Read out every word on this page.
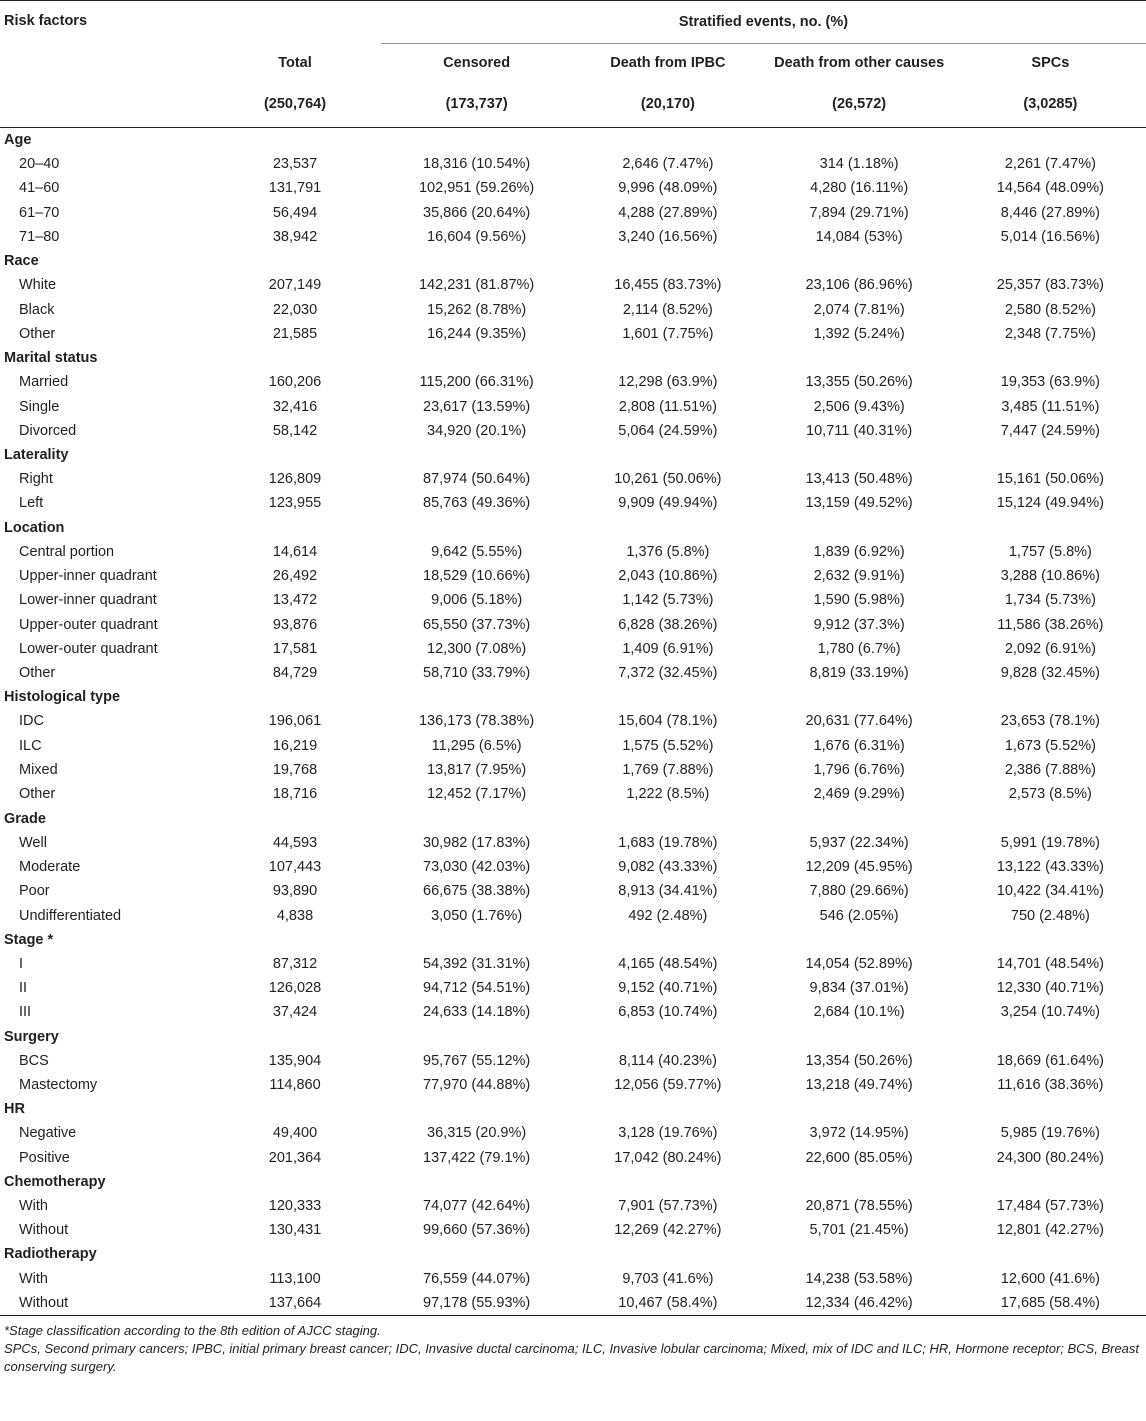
Risk factors		Stratified events, no. (%)			
	Total	Censored	Death from IPBC	Death from other causes	SPCs
	(250,764)	(173,737)	(20,170)	(26,572)	(3,0285)
Age					
20–40	23,537	18,316 (10.54%)	2,646 (7.47%)	314 (1.18%)	2,261 (7.47%)
41–60	131,791	102,951 (59.26%)	9,996 (48.09%)	4,280 (16.11%)	14,564 (48.09%)
61–70	56,494	35,866 (20.64%)	4,288 (27.89%)	7,894 (29.71%)	8,446 (27.89%)
71–80	38,942	16,604 (9.56%)	3,240 (16.56%)	14,084 (53%)	5,014 (16.56%)
Race					
White	207,149	142,231 (81.87%)	16,455 (83.73%)	23,106 (86.96%)	25,357 (83.73%)
Black	22,030	15,262 (8.78%)	2,114 (8.52%)	2,074 (7.81%)	2,580 (8.52%)
Other	21,585	16,244 (9.35%)	1,601 (7.75%)	1,392 (5.24%)	2,348 (7.75%)
Marital status					
Married	160,206	115,200 (66.31%)	12,298 (63.9%)	13,355 (50.26%)	19,353 (63.9%)
Single	32,416	23,617 (13.59%)	2,808 (11.51%)	2,506 (9.43%)	3,485 (11.51%)
Divorced	58,142	34,920 (20.1%)	5,064 (24.59%)	10,711 (40.31%)	7,447 (24.59%)
Laterality					
Right	126,809	87,974 (50.64%)	10,261 (50.06%)	13,413 (50.48%)	15,161 (50.06%)
Left	123,955	85,763 (49.36%)	9,909 (49.94%)	13,159 (49.52%)	15,124 (49.94%)
Location					
Central portion	14,614	9,642 (5.55%)	1,376 (5.8%)	1,839 (6.92%)	1,757 (5.8%)
Upper-inner quadrant	26,492	18,529 (10.66%)	2,043 (10.86%)	2,632 (9.91%)	3,288 (10.86%)
Lower-inner quadrant	13,472	9,006 (5.18%)	1,142 (5.73%)	1,590 (5.98%)	1,734 (5.73%)
Upper-outer quadrant	93,876	65,550 (37.73%)	6,828 (38.26%)	9,912 (37.3%)	11,586 (38.26%)
Lower-outer quadrant	17,581	12,300 (7.08%)	1,409 (6.91%)	1,780 (6.7%)	2,092 (6.91%)
Other	84,729	58,710 (33.79%)	7,372 (32.45%)	8,819 (33.19%)	9,828 (32.45%)
Histological type					
IDC	196,061	136,173 (78.38%)	15,604 (78.1%)	20,631 (77.64%)	23,653 (78.1%)
ILC	16,219	11,295 (6.5%)	1,575 (5.52%)	1,676 (6.31%)	1,673 (5.52%)
Mixed	19,768	13,817 (7.95%)	1,769 (7.88%)	1,796 (6.76%)	2,386 (7.88%)
Other	18,716	12,452 (7.17%)	1,222 (8.5%)	2,469 (9.29%)	2,573 (8.5%)
Grade					
Well	44,593	30,982 (17.83%)	1,683 (19.78%)	5,937 (22.34%)	5,991 (19.78%)
Moderate	107,443	73,030 (42.03%)	9,082 (43.33%)	12,209 (45.95%)	13,122 (43.33%)
Poor	93,890	66,675 (38.38%)	8,913 (34.41%)	7,880 (29.66%)	10,422 (34.41%)
Undifferentiated	4,838	3,050 (1.76%)	492 (2.48%)	546 (2.05%)	750 (2.48%)
Stage *					
I	87,312	54,392 (31.31%)	4,165 (48.54%)	14,054 (52.89%)	14,701 (48.54%)
II	126,028	94,712 (54.51%)	9,152 (40.71%)	9,834 (37.01%)	12,330 (40.71%)
III	37,424	24,633 (14.18%)	6,853 (10.74%)	2,684 (10.1%)	3,254 (10.74%)
Surgery					
BCS	135,904	95,767 (55.12%)	8,114 (40.23%)	13,354 (50.26%)	18,669 (61.64%)
Mastectomy	114,860	77,970 (44.88%)	12,056 (59.77%)	13,218 (49.74%)	11,616 (38.36%)
HR					
Negative	49,400	36,315 (20.9%)	3,128 (19.76%)	3,972 (14.95%)	5,985 (19.76%)
Positive	201,364	137,422 (79.1%)	17,042 (80.24%)	22,600 (85.05%)	24,300 (80.24%)
Chemotherapy					
With	120,333	74,077 (42.64%)	7,901 (57.73%)	20,871 (78.55%)	17,484 (57.73%)
Without	130,431	99,660 (57.36%)	12,269 (42.27%)	5,701 (21.45%)	12,801 (42.27%)
Radiotherapy					
With	113,100	76,559 (44.07%)	9,703 (41.6%)	14,238 (53.58%)	12,600 (41.6%)
Without	137,664	97,178 (55.93%)	10,467 (58.4%)	12,334 (46.42%)	17,685 (58.4%)
*Stage classification according to the 8th edition of AJCC staging.
SPCs, Second primary cancers; IPBC, initial primary breast cancer; IDC, Invasive ductal carcinoma; ILC, Invasive lobular carcinoma; Mixed, mix of IDC and ILC; HR, Hormone receptor; BCS, Breast conserving surgery.
